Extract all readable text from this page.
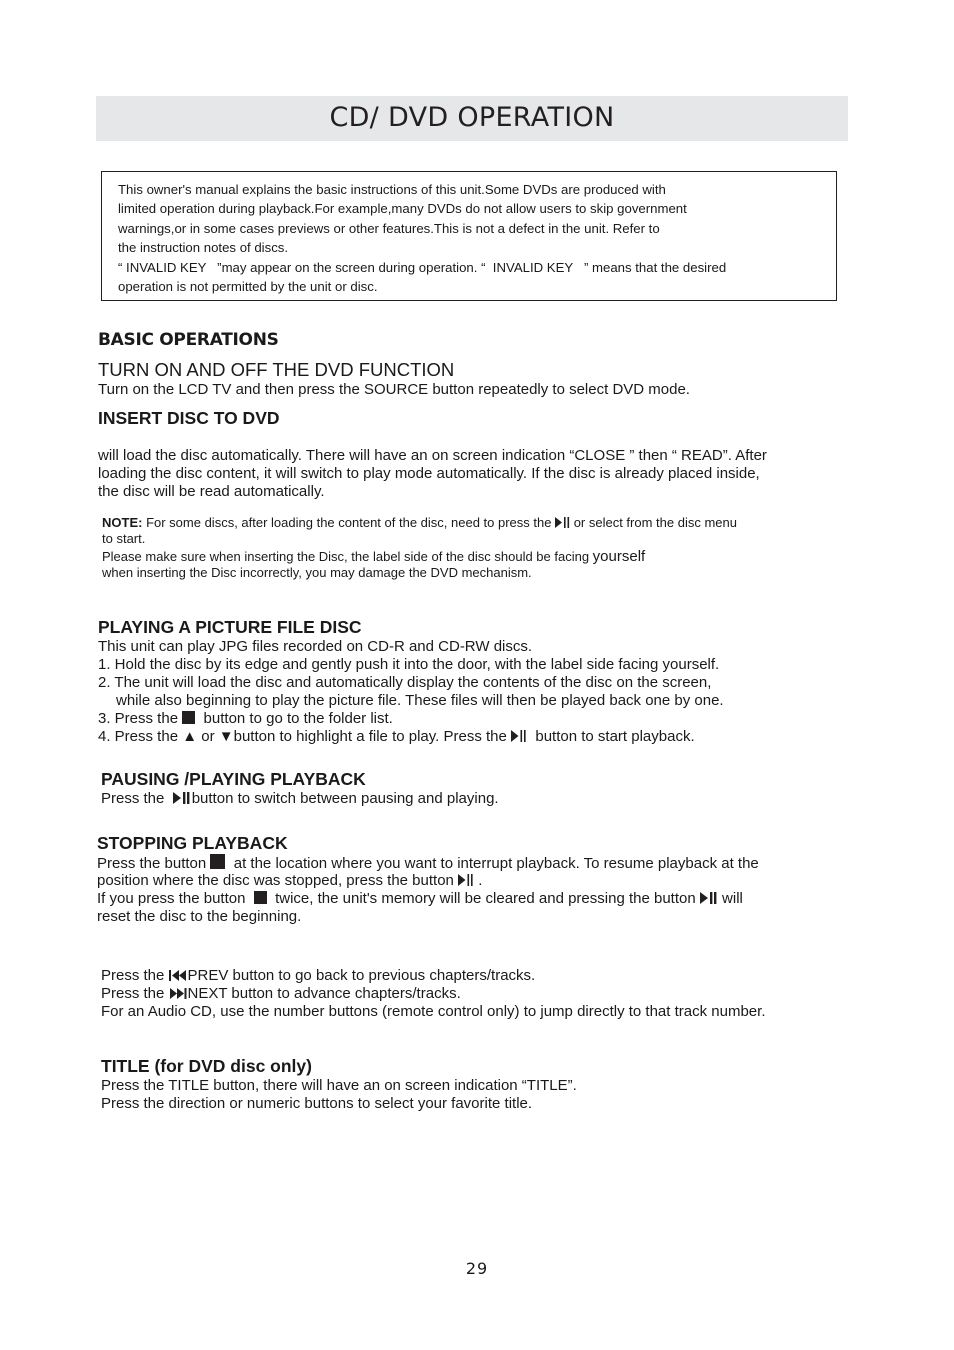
CD/ DVD OPERATION
This owner's manual explains the basic instructions of this unit.Some DVDs are produced with
limited operation during playback.For example,many DVDs do not allow users to skip government
warnings,or in some cases previews or other features.This is not a defect in the unit. Refer to
the instruction notes of discs.
“ INVALID KEY   ”may appear on the screen during operation. “  INVALID KEY   ” means that the desired
operation is not permitted by the unit or disc.
BASIC OPERATIONS
TURN ON AND OFF THE DVD FUNCTION
Turn on the LCD TV and then press the SOURCE button repeatedly to select DVD mode.
INSERT DISC TO DVD
will load the disc automatically. There will have an on screen indication “CLOSE ” then “ READ”. After
loading the disc content, it will switch to play mode automatically. If the disc is already placed inside,
the disc will be read automatically.
NOTE: For some discs, after loading the content of the disc, need to press the  or select from the disc menu
to start.
Please make sure when inserting the Disc, the label side of the disc should be facing yourself
when inserting the Disc incorrectly, you may damage the DVD mechanism.
PLAYING A PICTURE FILE DISC
This unit can play JPG files recorded on CD-R and CD-RW discs.
1. Hold the disc by its edge and gently push it into the door, with the label side facing yourself.
2. The unit will load the disc and automatically display the contents of the disc on the screen,
while also beginning to play the picture file. These files will then be played back one by one.
3. Press the   button to go to the folder list.
4. Press the ▲ or ▼button to highlight a file to play. Press the   button to start playback.
PAUSING /PLAYING PLAYBACK
Press the  button to switch between pausing and playing.
STOPPING PLAYBACK
Press the button   at the location where you want to interrupt playback. To resume playback at the
position where the disc was stopped, press the button  .
If you press the button    twice, the unit's memory will be cleared and pressing the button  will
reset the disc to the beginning.
Press the PREV button to go back to previous chapters/tracks.
Press the NEXT button to advance chapters/tracks.
For an Audio CD, use the number buttons (remote control only) to jump directly to that track number.
TITLE (for DVD disc only)
Press the TITLE button, there will have an on screen indication “TITLE”.
Press the direction or numeric buttons to select your favorite title.
29
